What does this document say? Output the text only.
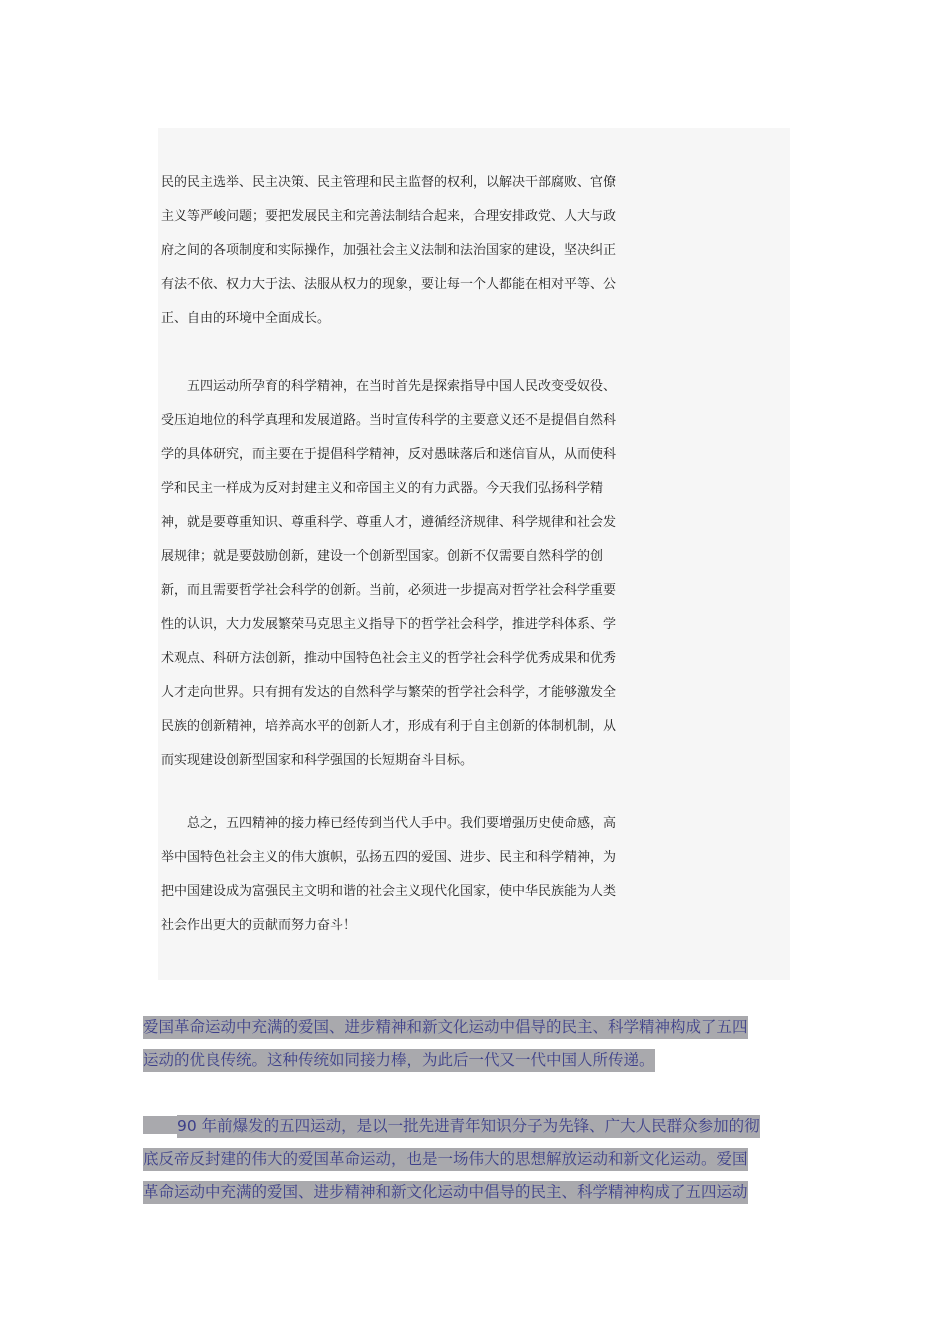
民的民主选举、民主决策、民主管理和民主监督的权利，以解决干部腐败、官僚
主义等严峻问题；要把发展民主和完善法制结合起来，合理安排政党、人大与政
府之间的各项制度和实际操作，加强社会主义法制和法治国家的建设，坚决纠正
有法不依、权力大于法、法服从权力的现象，要让每一个人都能在相对平等、公
正、自由的环境中全面成长。
　　五四运动所孕育的科学精神，在当时首先是探索指导中国人民改变受奴役、
受压迫地位的科学真理和发展道路。当时宣传科学的主要意义还不是提倡自然科
学的具体研究，而主要在于提倡科学精神，反对愚昧落后和迷信盲从，从而使科
学和民主一样成为反对封建主义和帝国主义的有力武器。今天我们弘扬科学精
神，就是要尊重知识、尊重科学、尊重人才，遵循经济规律、科学规律和社会发
展规律；就是要鼓励创新，建设一个创新型国家。创新不仅需要自然科学的创
新，而且需要哲学社会科学的创新。当前，必须进一步提高对哲学社会科学重要
性的认识，大力发展繁荣马克思主义指导下的哲学社会科学，推进学科体系、学
术观点、科研方法创新，推动中国特色社会主义的哲学社会科学优秀成果和优秀
人才走向世界。只有拥有发达的自然科学与繁荣的哲学社会科学，才能够激发全
民族的创新精神，培养高水平的创新人才，形成有利于自主创新的体制机制，从
而实现建设创新型国家和科学强国的长短期奋斗目标。
　　总之，五四精神的接力棒已经传到当代人手中。我们要增强历史使命感，高
举中国特色社会主义的伟大旗帜，弘扬五四的爱国、进步、民主和科学精神，为
把中国建设成为富强民主文明和谐的社会主义现代化国家，使中华民族能为人类
社会作出更大的贡献而努力奋斗！
爱国革命运动中充满的爱国、进步精神和新文化运动中倡导的民主、科学精神构成了五四
运动的优良传统。这种传统如同接力棒，为此后一代又一代中国人所传递。
90 年前爆发的五四运动，是以一批先进青年知识分子为先锋、广大人民群众参加的彻
底反帝反封建的伟大的爱国革命运动，也是一场伟大的思想解放运动和新文化运动。爱国
革命运动中充满的爱国、进步精神和新文化运动中倡导的民主、科学精神构成了五四运动
